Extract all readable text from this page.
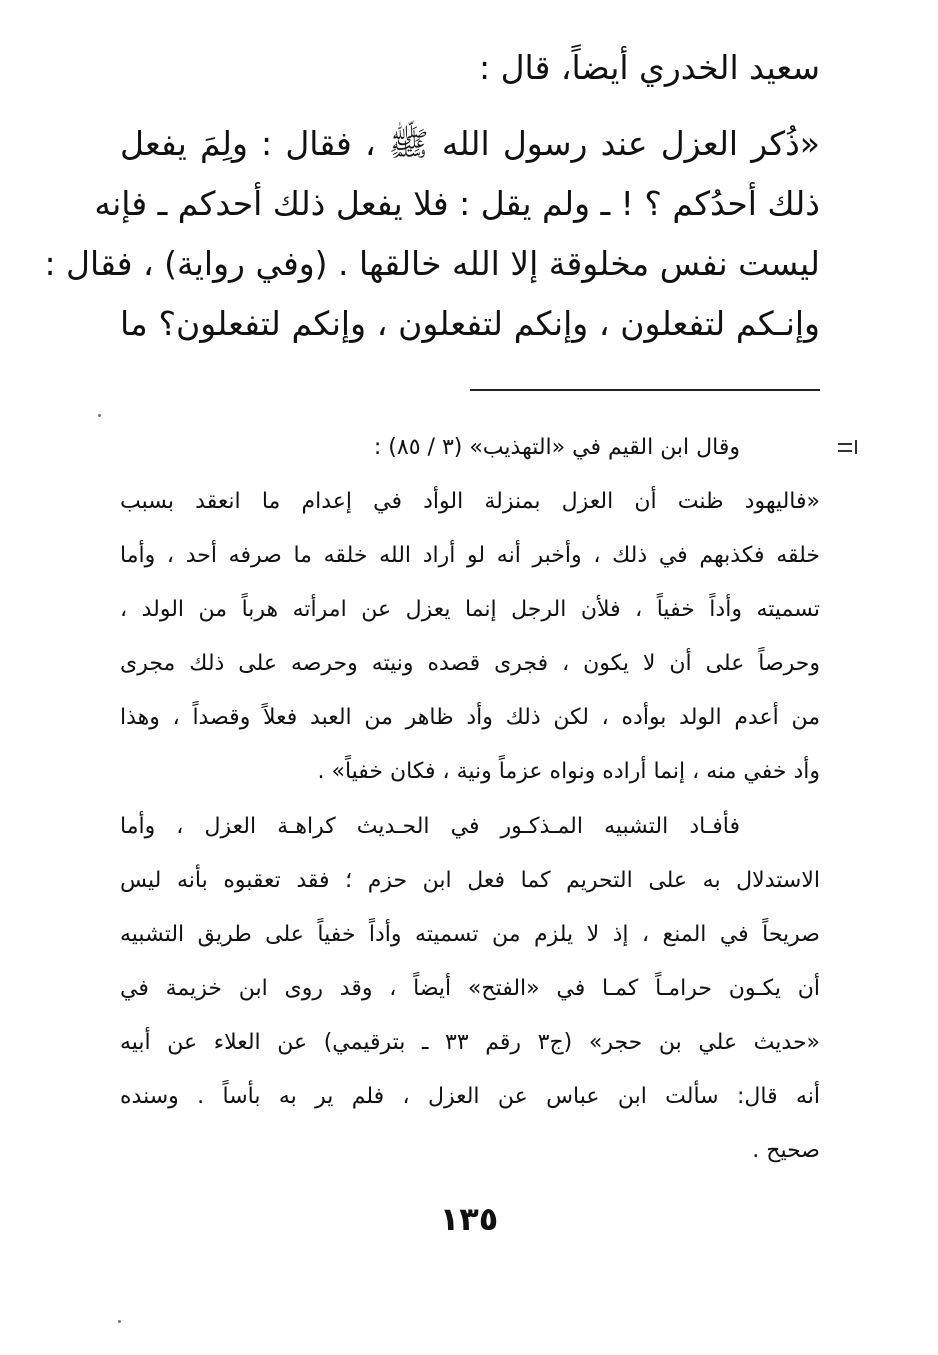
سعيد الخدري أيضاً، قال :
«ذُكر العزل عند رسول الله ﷺ ، فقال : ولِمَ يفعل
ذلك أحدُكم ؟ ! ـ ولم يقل : فلا يفعل ذلك أحدكم ـ فإنه
ليست نفس مخلوقة إلا الله خالقها . (وفي رواية) ، فقال :
وإنـكم لتفعلون ، وإنكم لتفعلون ، وإنكم لتفعلون؟ ما
وقال ابن القيم في «التهذيب» (٣ / ٨٥) :
«فاليهود ظنت أن العزل بمنزلة الوأد في إعدام ما انعقد بسبب
خلقه فكذبهم في ذلك ، وأخبر أنه لو أراد الله خلقه ما صرفه أحد ، وأما
تسميته وأداً خفياً ، فلأن الرجل إنما يعزل عن امرأته هرباً من الولد ،
وحرصاً على أن لا يكون ، فجرى قصده ونيته وحرصه على ذلك مجرى
من أعدم الولد بوأده ، لكن ذلك وأد ظاهر من العبد فعلاً وقصداً ، وهذا
وأد خفي منه ، إنما أراده ونواه عزماً ونية ، فكان خفياً» .
فأفـاد التشبيه المـذكـور في الحـديث كراهـة العزل ، وأما
الاستدلال به على التحريم كما فعل ابن حزم ؛ فقد تعقبوه بأنه ليس
صريحاً في المنع ، إذ لا يلزم من تسميته وأداً خفياً على طريق التشبيه
أن يكـون حرامـاً كمـا في «الفتح» أيضاً ، وقد روى ابن خزيمة في
«حديث علي بن حجر» (ج٣ رقم ٣٣ ـ بترقيمي) عن العلاء عن أبيه
أنه قال: سألت ابن عباس عن العزل ، فلم ير به بأساً . وسنده
صحيح .
١٣٥
